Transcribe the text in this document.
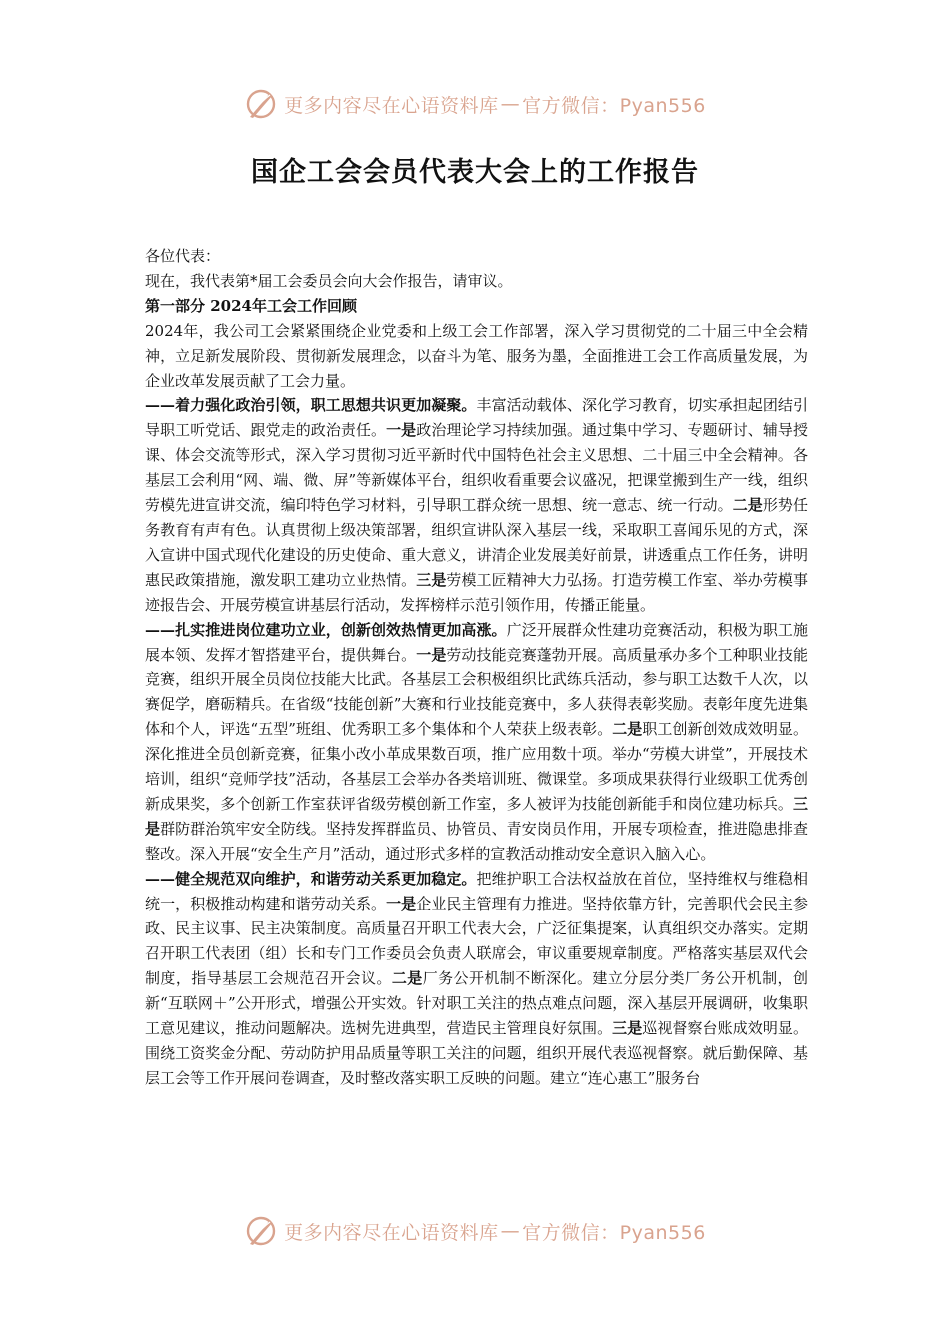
更多内容尽在心语资料库 — 官方微信：Pyan556
国企工会会员代表大会上的工作报告

各位代表：

现在，我代表第*届工会委员会向大会作报告，请审议。

第一部分 2024年工会工作回顾

2024年，我公司工会紧紧围绕企业党委和上级工会工作部署，深入学习贯彻党的二十届三中全会精神，立足新发展阶段、贯彻新发展理念，以奋斗为笔、服务为墨，全面推进工会工作高质量发展，为企业改革发展贡献了工会力量。

——着力强化政治引领，职工思想共识更加凝聚。丰富活动载体、深化学习教育，切实承担起团结引导职工听党话、跟党走的政治责任。一是政治理论学习持续加强。通过集中学习、专题研讨、辅导授课、体会交流等形式，深入学习贯彻习近平新时代中国特色社会主义思想、二十届三中全会精神。各基层工会利用“网、端、微、屏”等新媒体平台，组织收看重要会议盛况，把课堂搬到生产一线，组织劳模先进宣讲交流，编印特色学习材料，引导职工群众统一思想、统一意志、统一行动。二是形势任务教育有声有色。认真贯彻上级决策部署，组织宣讲队深入基层一线，采取职工喜闻乐见的方式，深入宣讲中国式现代化建设的历史使命、重大意义，讲清企业发展美好前景，讲透重点工作任务，讲明惠民政策措施，激发职工建功立业热情。三是劳模工匠精神大力弘扬。打造劳模工作室、举办劳模事迹报告会、开展劳模宣讲基层行活动，发挥榜样示范引领作用，传播正能量。

——扎实推进岗位建功立业，创新创效热情更加高涨。广泛开展群众性建功竞赛活动，积极为职工施展本领、发挥才智搭建平台，提供舞台。一是劳动技能竞赛蓬勃开展。高质量承办多个工种职业技能竞赛，组织开展全员岗位技能大比武。各基层工会积极组织比武练兵活动，参与职工达数千人次，以赛促学，磨砺精兵。在省级“技能创新”大赛和行业技能竞赛中，多人获得表彰奖励。表彰年度先进集体和个人，评选“五型”班组、优秀职工多个集体和个人荣获上级表彰。二是职工创新创效成效明显。深化推进全员创新竞赛，征集小改小革成果数百项，推广应用数十项。举办“劳模大讲堂”，开展技术培训，组织“竞师学技”活动，各基层工会举办各类培训班、微课堂。多项成果获得行业级职工优秀创新成果奖，多个创新工作室获评省级劳模创新工作室，多人被评为技能创新能手和岗位建功标兵。三是群防群治筑牢安全防线。坚持发挥群监员、协管员、青安岗员作用，开展专项检查，推进隐患排查整改。深入开展“安全生产月”活动，通过形式多样的宣教活动推动安全意识入脑入心。

——健全规范双向维护，和谐劳动关系更加稳定。把维护职工合法权益放在首位，坚持维权与维稳相统一，积极推动构建和谐劳动关系。一是企业民主管理有力推进。坚持依靠方针，完善职代会民主参政、民主议事、民主决策制度。高质量召开职工代表大会，广泛征集提案，认真组织交办落实。定期召开职工代表团（组）长和专门工作委员会负责人联席会，审议重要规章制度。严格落实基层双代会制度，指导基层工会规范召开会议。二是厂务公开机制不断深化。建立分层分类厂务公开机制，创新“互联网＋”公开形式，增强公开实效。针对职工关注的热点难点问题，深入基层开展调研，收集职工意见建议，推动问题解决。选树先进典型，营造民主管理良好氛围。三是巡视督察台账成效明显。围绕工资奖金分配、劳动防护用品质量等职工关注的问题，组织开展代表巡视督察。就后勤保障、基层工会等工作开展问卷调查，及时整改落实职工反映的问题。建立“连心惠工”服务台

更多内容尽在心语资料库 — 官方微信：Pyan556
